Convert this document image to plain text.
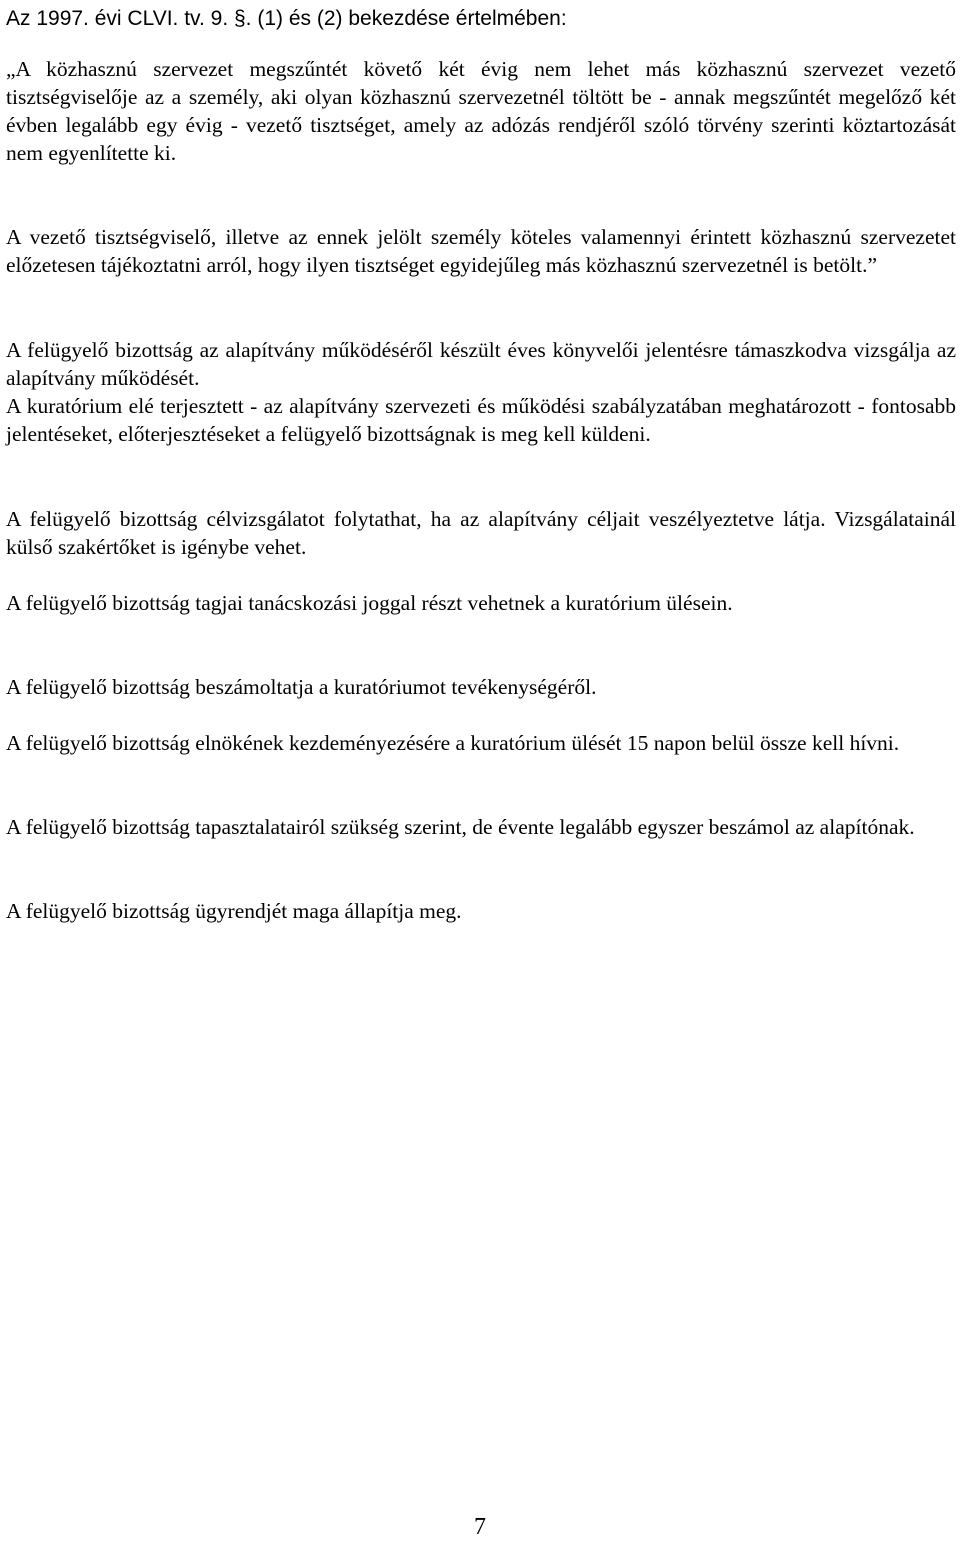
Az 1997. évi CLVI. tv. 9. §. (1) és (2) bekezdése értelmében:

„A közhasznú szervezet megszűntét követő két évig nem lehet más közhasznú szervezet vezető tisztségviselője az a személy, aki olyan közhasznú szervezetnél töltött be - annak megszűntét megelőző két évben legalább egy évig - vezető tisztséget, amely az adózás rendjéről szóló törvény szerinti köztartozását nem egyenlítette ki.

A vezető tisztségviselő, illetve az ennek jelölt személy köteles valamennyi érintett közhasznú szervezetet előzetesen tájékoztatni arról, hogy ilyen tisztséget egyidejűleg más közhasznú szervezetnél is betölt.”

A felügyelő bizottság az alapítvány működéséről készült éves könyvelői jelentésre támaszkodva vizsgálja az alapítvány működését.

A kuratórium elé terjesztett - az alapítvány szervezeti és működési szabályzatában meghatározott - fontosabb jelentéseket, előterjesztéseket a felügyelő bizottságnak is meg kell küldeni.

A felügyelő bizottság célvizsgálatot folytathat, ha az alapítvány céljait veszélyeztetve látja. Vizsgálatainál külső szakértőket is igénybe vehet.

A felügyelő bizottság tagjai tanácskozási joggal részt vehetnek a kuratórium ülésein.

A felügyelő bizottság beszámoltatja a kuratóriumot tevékenységéről.

A felügyelő bizottság elnökének kezdeményezésére a kuratórium ülését 15 napon belül össze kell hívni.

A felügyelő bizottság tapasztalatairól szükség szerint, de évente legalább egyszer beszámol az alapítónak.

A felügyelő bizottság ügyrendjét maga állapítja meg.

7
